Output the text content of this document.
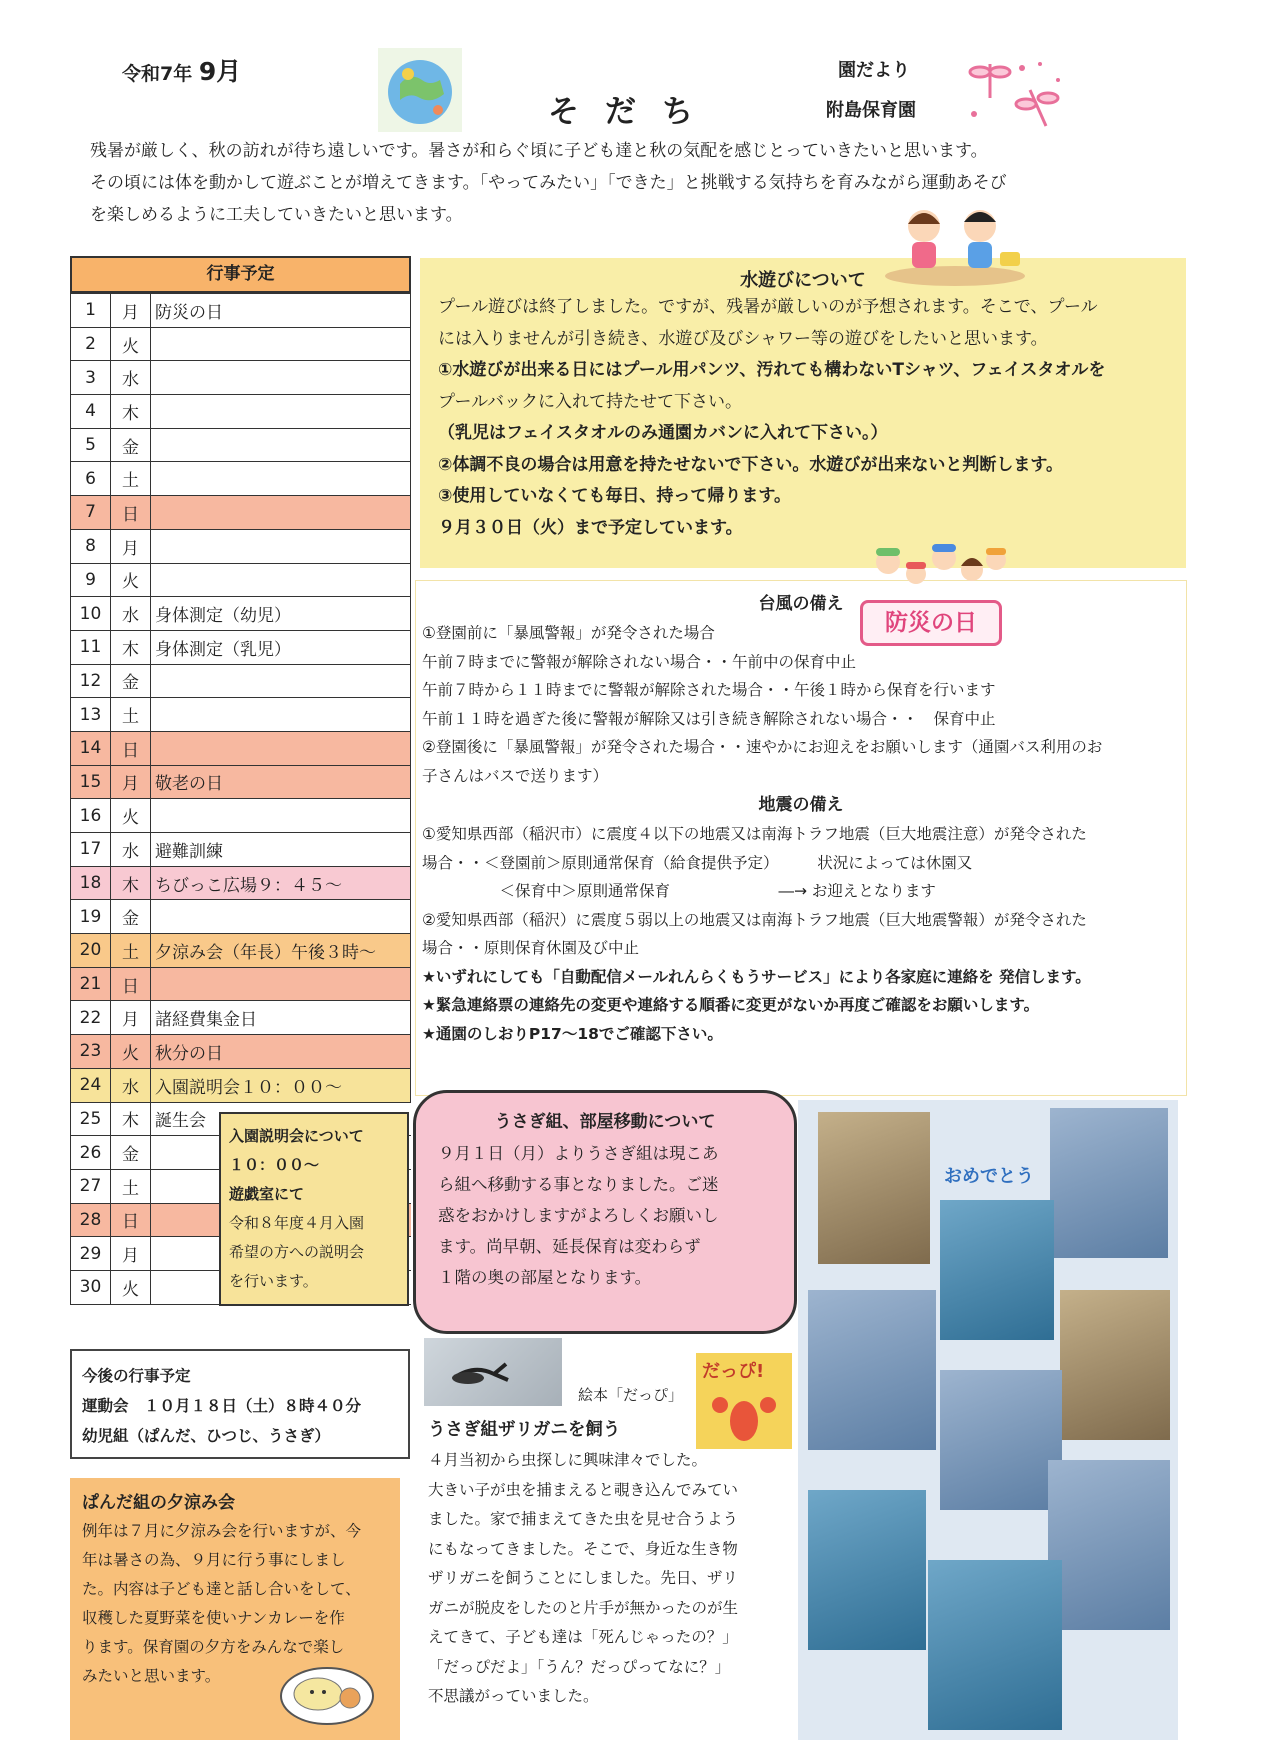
令和7年 9月
そだち
園だより
附島保育園
残暑が厳しく、秋の訪れが待ち遠しいです。暑さが和らぐ頃に子ども達と秋の気配を感じとっていきたいと思います。
その頃には体を動かして遊ぶことが増えてきます。「やってみたい」「できた」と挑戦する気持ちを育みながら運動あそび
を楽しめるように工夫していきたいと思います。
行事予定
1	月	防災の日
2	火	
3	水	
4	木	
5	金	
6	土	
7	日	
8	月	
9	火	
10	水	身体測定（幼児）
11	木	身体測定（乳児）
12	金	
13	土	
14	日	
15	月	敬老の日
16	火	
17	水	避難訓練
18	木	ちびっこ広場９：４５～
19	金	
20	土	夕涼み会（年長）午後３時～
21	日	
22	月	諸経費集金日
23	火	秋分の日
24	水	入園説明会１０：００～
25	木	誕生会
26	金	
27	土	
28	日	
29	月	
30	火	
入園説明会について
１０：００～
遊戯室にて
令和８年度４月入園
希望の方への説明会
を行います。
今後の行事予定
運動会　１０月１８日（土）８時４０分
幼児組（ぱんだ、ひつじ、うさぎ）
ぱんだ組の夕涼み会
例年は７月に夕涼み会を行いますが、今
年は暑さの為、９月に行う事にしまし
た。内容は子ども達と話し合いをして、
収穫した夏野菜を使いナンカレーを作
ります。保育園の夕方をみんなで楽し
みたいと思います。
水遊びについて
プール遊びは終了しました。ですが、残暑が厳しいのが予想されます。そこで、プール
には入りませんが引き続き、水遊び及びシャワー等の遊びをしたいと思います。
①水遊びが出来る日にはプール用パンツ、汚れても構わないTシャツ、フェイスタオルを
プールバックに入れて持たせて下さい。
（乳児はフェイスタオルのみ通園カバンに入れて下さい。）
②体調不良の場合は用意を持たせないで下さい。水遊びが出来ないと判断します。
③使用していなくても毎日、持って帰ります。
９月３０日（火）まで予定しています。
台風の備え
①登園前に「暴風警報」が発令された場合
午前７時までに警報が解除されない場合・・午前中の保育中止
午前７時から１１時までに警報が解除された場合・・午後１時から保育を行います
午前１１時を過ぎた後に警報が解除又は引き続き解除されない場合・・　保育中止
②登園後に「暴風警報」が発令された場合・・速やかにお迎えをお願いします（通園バス利用のお
子さんはバスで送ります）
地震の備え
①愛知県西部（稲沢市）に震度４以下の地震又は南海トラフ地震（巨大地震注意）が発令された
場合・・＜登園前＞原則通常保育（給食提供予定）　　　状況によっては休園又
　　　　　＜保育中＞原則通常保育　　　　　　　―→ お迎えとなります
②愛知県西部（稲沢）に震度５弱以上の地震又は南海トラフ地震（巨大地震警報）が発令された
場合・・原則保育休園及び中止
★いずれにしても「自動配信メールれんらくもうサービス」により各家庭に連絡を 発信します。
★緊急連絡票の連絡先の変更や連絡する順番に変更がないか再度ご確認をお願いします。
★通園のしおりP17～18でご確認下さい。
防災の日
うさぎ組、部屋移動について
９月１日（月）よりうさぎ組は現こあ
ら組へ移動する事となりました。ご迷
惑をおかけしますがよろしくお願いし
ます。尚早朝、延長保育は変わらず
１階の奥の部屋となります。
絵本「だっぴ」
だっぴ!
うさぎ組ザリガニを飼う
４月当初から虫探しに興味津々でした。
大きい子が虫を捕まえると覗き込んでみてい
ました。家で捕まえてきた虫を見せ合うよう
にもなってきました。そこで、身近な生き物
ザリガニを飼うことにしました。先日、ザリ
ガニが脱皮をしたのと片手が無かったのが生
えてきて、子ども達は「死んじゃったの？」
「だっぴだよ」「うん？だっぴってなに？」
不思議がっていました。
おめでとう
